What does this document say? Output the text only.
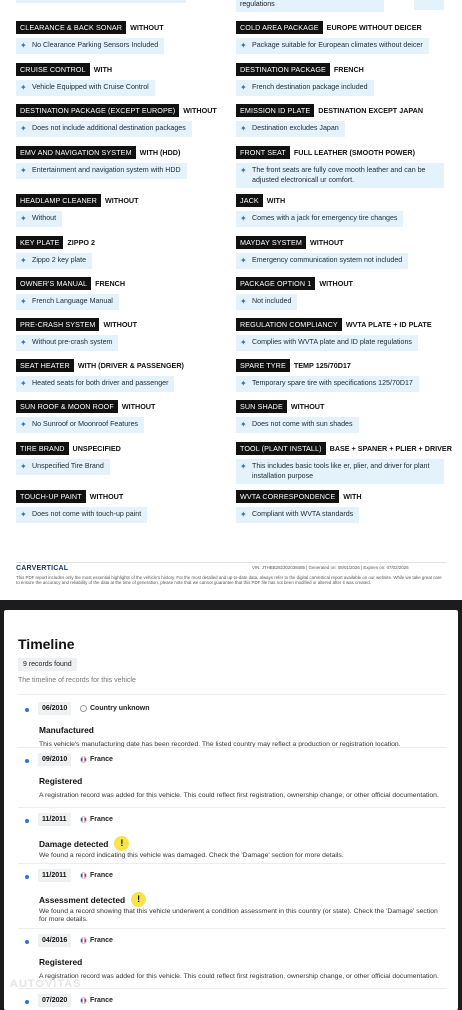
regulations
CLEARANCE & BACK SONAR	WITHOUT
✦ No Clearance Parking Sensors Included
COLD AREA PACKAGE	EUROPE WITHOUT DEICER
✦ Package suitable for European climates without deicer
CRUISE CONTROL	WITH
✦ Vehicle Equipped with Cruise Control
DESTINATION PACKAGE	FRENCH
✦ French destination package included
DESTINATION PACKAGE (EXCEPT EUROPE)	WITHOUT
✦ Does not include additional destination packages
EMISSION ID PLATE	DESTINATION EXCEPT JAPAN
✦ Destination excludes Japan
EMV AND NAVIGATION SYSTEM	WITH (HDD)
✦ Entertainment and navigation system with HDD
FRONT SEAT	FULL LEATHER (SMOOTH POWER)
✦ The front seats are fully cove mooth leather and can be adjusted electronicall ur comfort.
HEADLAMP CLEANER	WITHOUT
✦ Without
JACK	WITH
✦ Comes with a jack for emergency tire changes
KEY PLATE	ZIPPO 2
✦ Zippo 2 key plate
MAYDAY SYSTEM	WITHOUT
✦ Emergency communication system not included
OWNER'S MANUAL	FRENCH
✦ French Language Manual
PACKAGE OPTION 1	WITHOUT
✦ Not included
PRE-CRASH SYSTEM	WITHOUT
✦ Without pre-crash system
REGULATION COMPLIANCY	WVTA PLATE + ID PLATE
✦ Complies with WVTA plate and ID plate regulations
SEAT HEATER	WITH (DRIVER & PASSENGER)
✦ Heated seats for both driver and passenger
SPARE TYRE	TEMP 125/70D17
✦ Temporary spare tire with specifications 125/70D17
SUN ROOF & MOON ROOF	WITHOUT
✦ No Sunroof or Moonroof Features
SUN SHADE	WITHOUT
✦ Does not come with sun shades
TIRE BRAND	UNSPECIFIED
✦ Unspecified Tire Brand
TOOL (PLANT INSTALL)	BASE + SPANER + PLIER + DRIVER
✦ This includes basic tools like er, plier, and driver for plant installation purpose
TOUCH-UP PAINT	WITHOUT
✦ Does not come with touch-up paint
WVTA CORRESPONDENCE	WITH
✦ Compliant with WVTA standards
CARVERTICAL	VIN: JTHBB282302038485 | Generated on: 08/01/2026 | Expires on: 07/02/2026
This PDF report includes only the most essential highlights of the vehicle's history. For the most detailed and up-to-date data, always refer to the digital carVertical report available on our website. While we take great care to ensure the accuracy and reliability of the data at the time of generation, please note that we cannot guarantee that this PDF file has not been modified or altered after it was created.
Timeline
9 records found
The timeline of records for this vehicle
06/2010	Country unknown
Manufactured
This vehicle's manufacturing date has been recorded. The listed country may reflect a production or registration location.
09/2010	France
Registered
A registration record was added for this vehicle. This could reflect first registration, ownership change, or other official documentation.
11/2011	France
Damage detected
!
We found a record indicating this vehicle was damaged. Check the 'Damage' section for more details.
11/2011	France
Assessment detected
!
We found a record showing that this vehicle underwent a condition assessment in this country (or state). Check the 'Damage' section for more details.
04/2016	France
Registered
A registration record was added for this vehicle. This could reflect first registration, ownership change, or other official documentation.
07/2020	France
AUTOVITAS
